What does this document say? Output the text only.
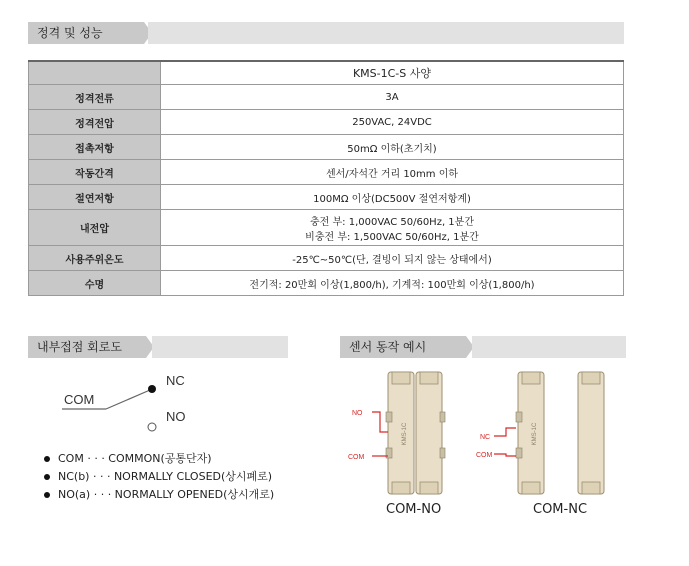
정격 및 성능
	KMS-1C-S 사양
정격전류	3A
정격전압	250VAC, 24VDC
접촉저항	50mΩ 이하(초기치)
작동간격	센서/자석간 거리 10mm 이하
절연저항	100MΩ 이상(DC500V 절연저항계)
내전압	충전 부: 1,000VAC 50/60Hz, 1분간
비충전 부: 1,500VAC 50/60Hz, 1분간

사용주위온도	-25℃~50℃(단, 결빙이 되지 않는 상태에서)
수명	전기적: 20만회 이상(1,800/h), 기계적: 100만회 이상(1,800/h)
내부접점 회로도	센서 동작 예시
COM
NC
NO
COM · · · COMMON(공통단자)
NC(b) · · · NORMALLY CLOSED(상시폐로)
NO(a) · · · NORMALLY OPENED(상시개로)
KMS-1C
NO
COM
KMS-1C
NC
COM
COM-NO	COM-NC
